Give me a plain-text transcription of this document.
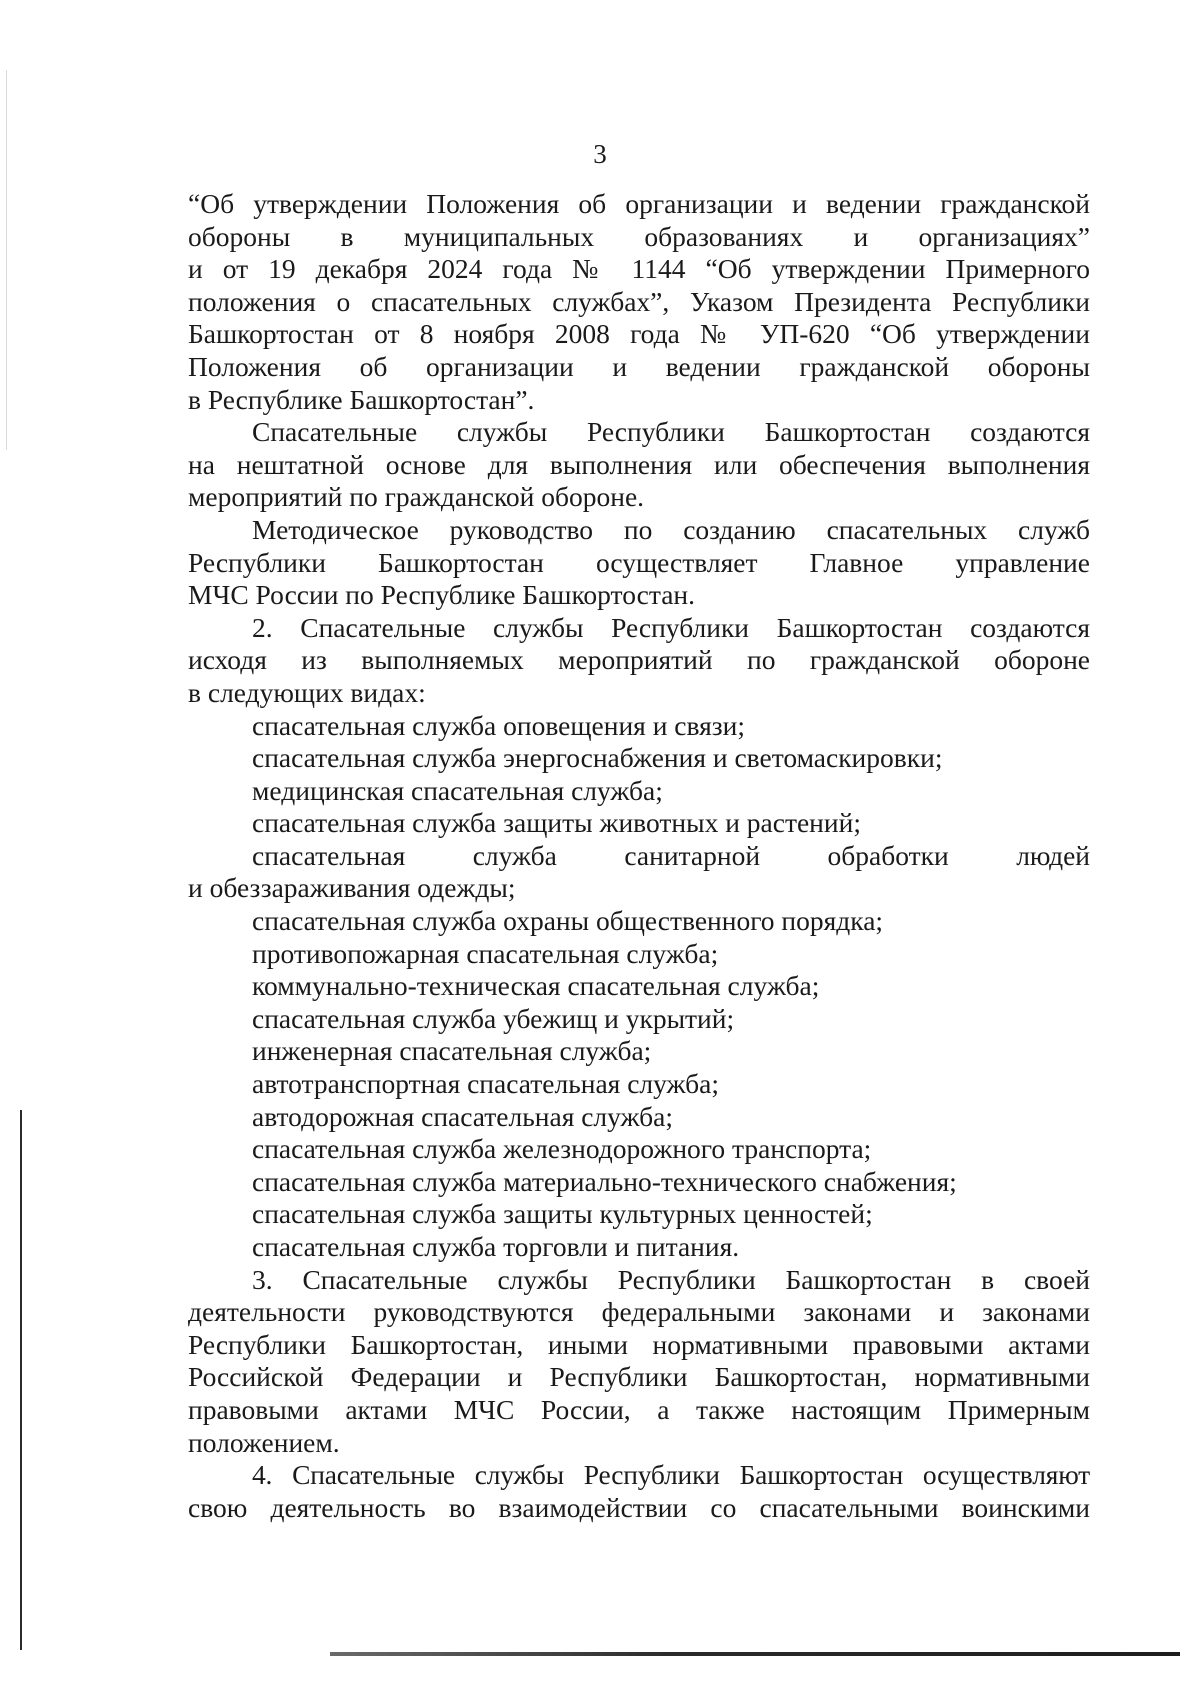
3

“Об утверждении Положения об организации и ведении гражданской

обороны в муниципальных образованиях и организациях”

и от 19 декабря 2024 года № 1144 “Об утверждении Примерного

положения о спасательных службах”, Указом Президента Республики

Башкортостан от 8 ноября 2008 года № УП-620 “Об утверждении

Положения об организации и ведении гражданской обороны

в Республике Башкортостан”.

Спасательные службы Республики Башкортостан создаются

на нештатной основе для выполнения или обеспечения выполнения

мероприятий по гражданской обороне.

Методическое руководство по созданию спасательных служб

Республики Башкортостан осуществляет Главное управление

МЧС России по Республике Башкортостан.

2. Спасательные службы Республики Башкортостан создаются

исходя из выполняемых мероприятий по гражданской обороне

в следующих видах:

спасательная служба оповещения и связи;

спасательная служба энергоснабжения и светомаскировки;

медицинская спасательная служба;

спасательная служба защиты животных и растений;

спасательная служба санитарной обработки людей

и обеззараживания одежды;

спасательная служба охраны общественного порядка;

противопожарная спасательная служба;

коммунально-техническая спасательная служба;

спасательная служба убежищ и укрытий;

инженерная спасательная служба;

автотранспортная спасательная служба;

автодорожная спасательная служба;

спасательная служба железнодорожного транспорта;

спасательная служба материально-технического снабжения;

спасательная служба защиты культурных ценностей;

спасательная служба торговли и питания.

3. Спасательные службы Республики Башкортостан в своей

деятельности руководствуются федеральными законами и законами

Республики Башкортостан, иными нормативными правовыми актами

Российской Федерации и Республики Башкортостан, нормативными

правовыми актами МЧС России, а также настоящим Примерным

положением.

4. Спасательные службы Республики Башкортостан осуществляют

свою деятельность во взаимодействии со спасательными воинскими
